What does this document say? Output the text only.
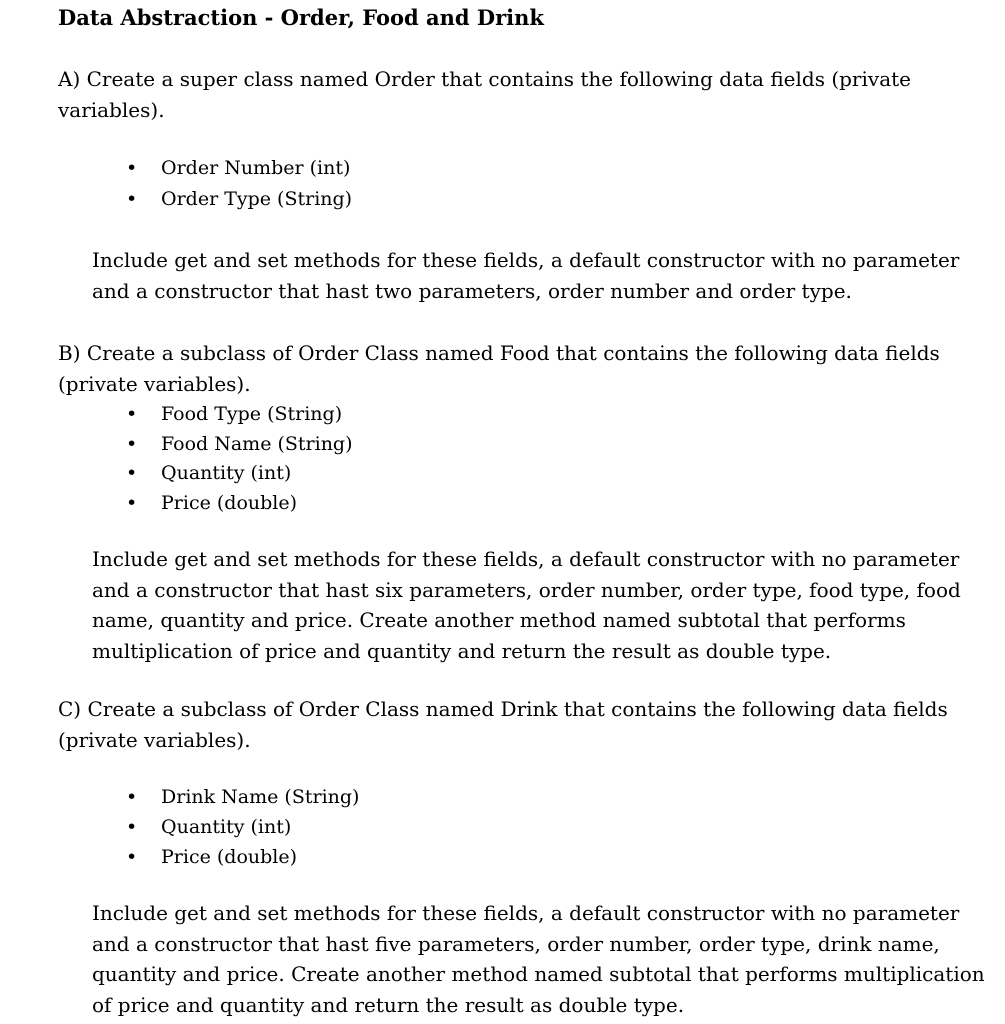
Data Abstraction - Order, Food and Drink
A) Create a super class named Order that contains the following data fields (private
variables).
• Order Number (int)
• Order Type (String)
Include get and set methods for these fields, a default constructor with no parameter
and a constructor that hast two parameters, order number and order type.
B) Create a subclass of Order Class named Food that contains the following data fields
(private variables).
• Food Type (String)
• Food Name (String)
• Quantity (int)
• Price (double)
Include get and set methods for these fields, a default constructor with no parameter
and a constructor that hast six parameters, order number, order type, food type, food
name, quantity and price. Create another method named subtotal that performs
multiplication of price and quantity and return the result as double type.
C) Create a subclass of Order Class named Drink that contains the following data fields
(private variables).
• Drink Name (String)
• Quantity (int)
• Price (double)
Include get and set methods for these fields, a default constructor with no parameter
and a constructor that hast five parameters, order number, order type, drink name,
quantity and price. Create another method named subtotal that performs multiplication
of price and quantity and return the result as double type.
